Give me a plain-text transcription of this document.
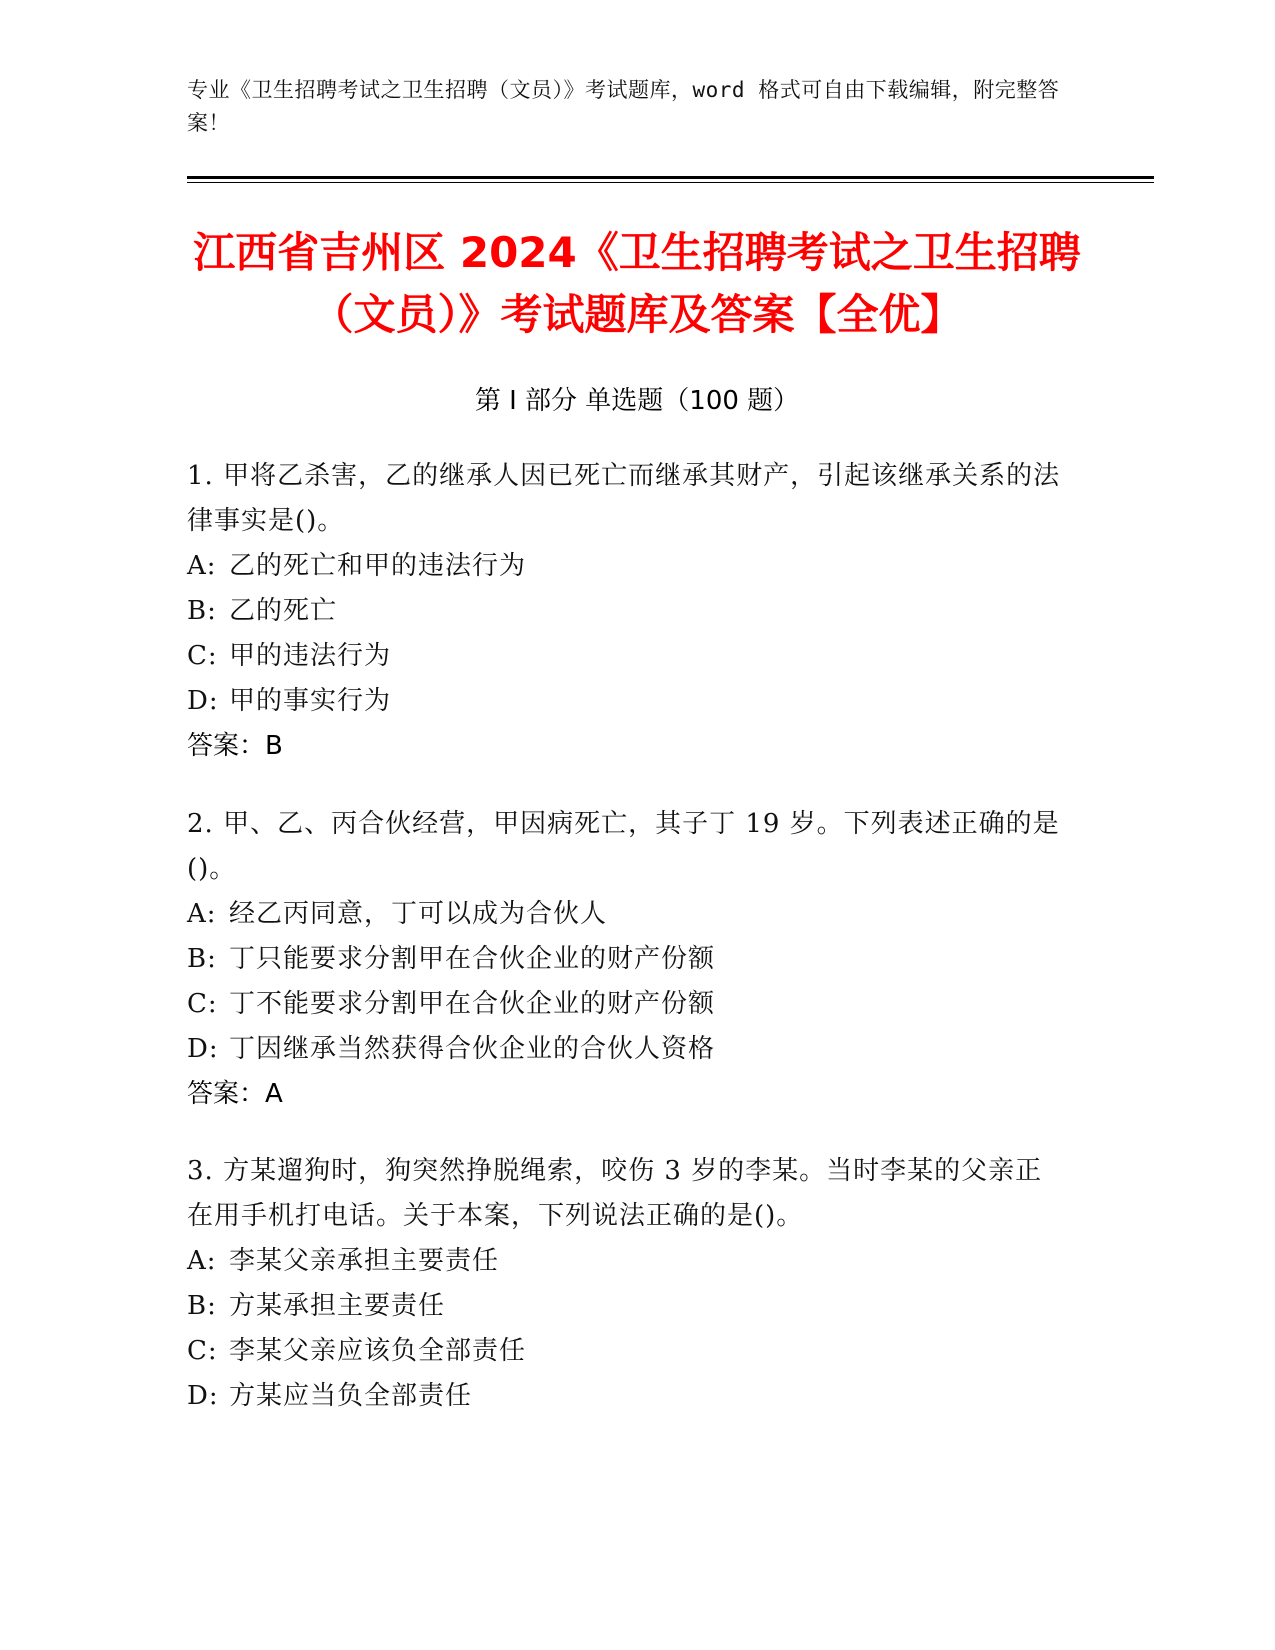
专业《卫生招聘考试之卫生招聘（文员）》考试题库，word 格式可自由下载编辑，附完整答案！
江西省吉州区 2024《卫生招聘考试之卫生招聘（文员）》考试题库及答案【全优】
第 I 部分 单选题（100 题）
1. 甲将乙杀害，乙的继承人因已死亡而继承其财产，引起该继承关系的法律事实是()。
A: 乙的死亡和甲的违法行为
B: 乙的死亡
C: 甲的违法行为
D: 甲的事实行为
答案：B
2. 甲、乙、丙合伙经营，甲因病死亡，其子丁 19 岁。下列表述正确的是()。
A: 经乙丙同意，丁可以成为合伙人
B: 丁只能要求分割甲在合伙企业的财产份额
C: 丁不能要求分割甲在合伙企业的财产份额
D: 丁因继承当然获得合伙企业的合伙人资格
答案：A
3. 方某遛狗时，狗突然挣脱绳索，咬伤 3 岁的李某。当时李某的父亲正在用手机打电话。关于本案，下列说法正确的是()。
A: 李某父亲承担主要责任
B: 方某承担主要责任
C: 李某父亲应该负全部责任
D: 方某应当负全部责任
